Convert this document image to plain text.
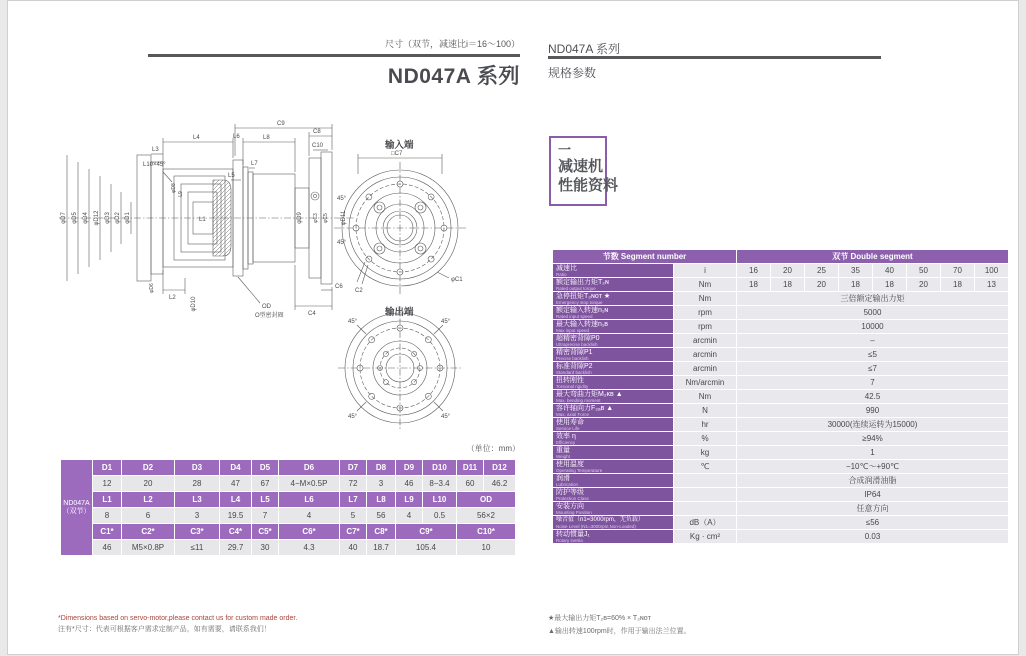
尺寸（双节，减速比i＝16～100）
ND047A 系列
ND047A 系列
规格参数
一
减速机
性能资料
输入端
输出端
C9
L4	L6	L8
L3
L10×45°	L7
L5
C8
C10
φD7 φD5 φD4 φD12 φD3 φD2 φD1	L1
φD8
L9
φD6
L2	φD10
C4
C6
OD
O型密封圈
φD9 φC3 φC5 φD11
□C7
φC1
C2
45°
45°
45°	45°
45°	45°
（单位：mm）
ND047A
（双节）	D1	D2	D3	D4	D5	D6	D7	D8	D9	D10	D11	D12
	12	20	28	47	67	4−M×0.5P	72	3	46	8−3.4	60	46.2
	L1	L2	L3	L4	L5	L6	L7	L8	L9	L10	OD	
	8	6	3	19.5	7	4	5	56	4	0.5	56×2	
	C1*	C2*	C3*	C4*	C5*	C6*	C7*	C8*	C9*		C10*	
	46	M5×0.8P	≤11	29.7	30	4.3	40	18.7	105.4		10	
节数 Segment number		双节 Double segment							

减速比
Ratio	i	16	20	25	35	40	50	70	100

额定输出力矩T₂ɴ
Rated output torque	Nm	18	18	20	18	18	20	18	13

急停扭矩T₂ɴᴏᴛ ★
Emergency stop torque	Nm	三倍额定输出力矩							

额定输入转速n₁ɴ
Rated input speed	rpm	5000							

最大输入转速n₁ʙ
Max input speed	rpm	10000							

超精密背隙P0
Ultraprecise backlish	arcmin	–							

精密背隙P1
Precise backlish	arcmin	≤5							

标准背隙P2
Standard backlish	arcmin	≤7							

扭转刚性
Torsional rigidity	Nm/arcmin	7							

最大弯曲力矩M₂ᴋʙ ▲
Max. bending moment	Nm	42.5							

容许轴向力F₂ₐʙ ▲
Max. axial Force	N	990							

使用寿命
Service Life	hr	30000(连续运转为15000)							

效率 η
Efficiency	%	≥94%							

重量
Weight	kg	1							

使用温度
Operating Temperature	℃	−10℃～+90℃							

润滑
Lubrication		合成润滑油脂							

防护等级
Protection Class		IP64							

安装方向
Mounting Position		任意方向							

噪音值（n1=3000rpm，无负载）
Noise Level (N1=3000rpm,Non-Loaded)	dB（A）	≤56							

转动惯量J₁
Rotary inertia	Kg · cm²	0.03							
*Dimensions based on servo-motor,please contact us for custom made order.
注有*尺寸：代表可根据客户需求定制产品，如有需要，请联系我们！
★最大输出力矩T₂ʙ=60% × T₂ɴᴏᴛ
▲输出转速100rpm时，作用于输出法兰位置。
